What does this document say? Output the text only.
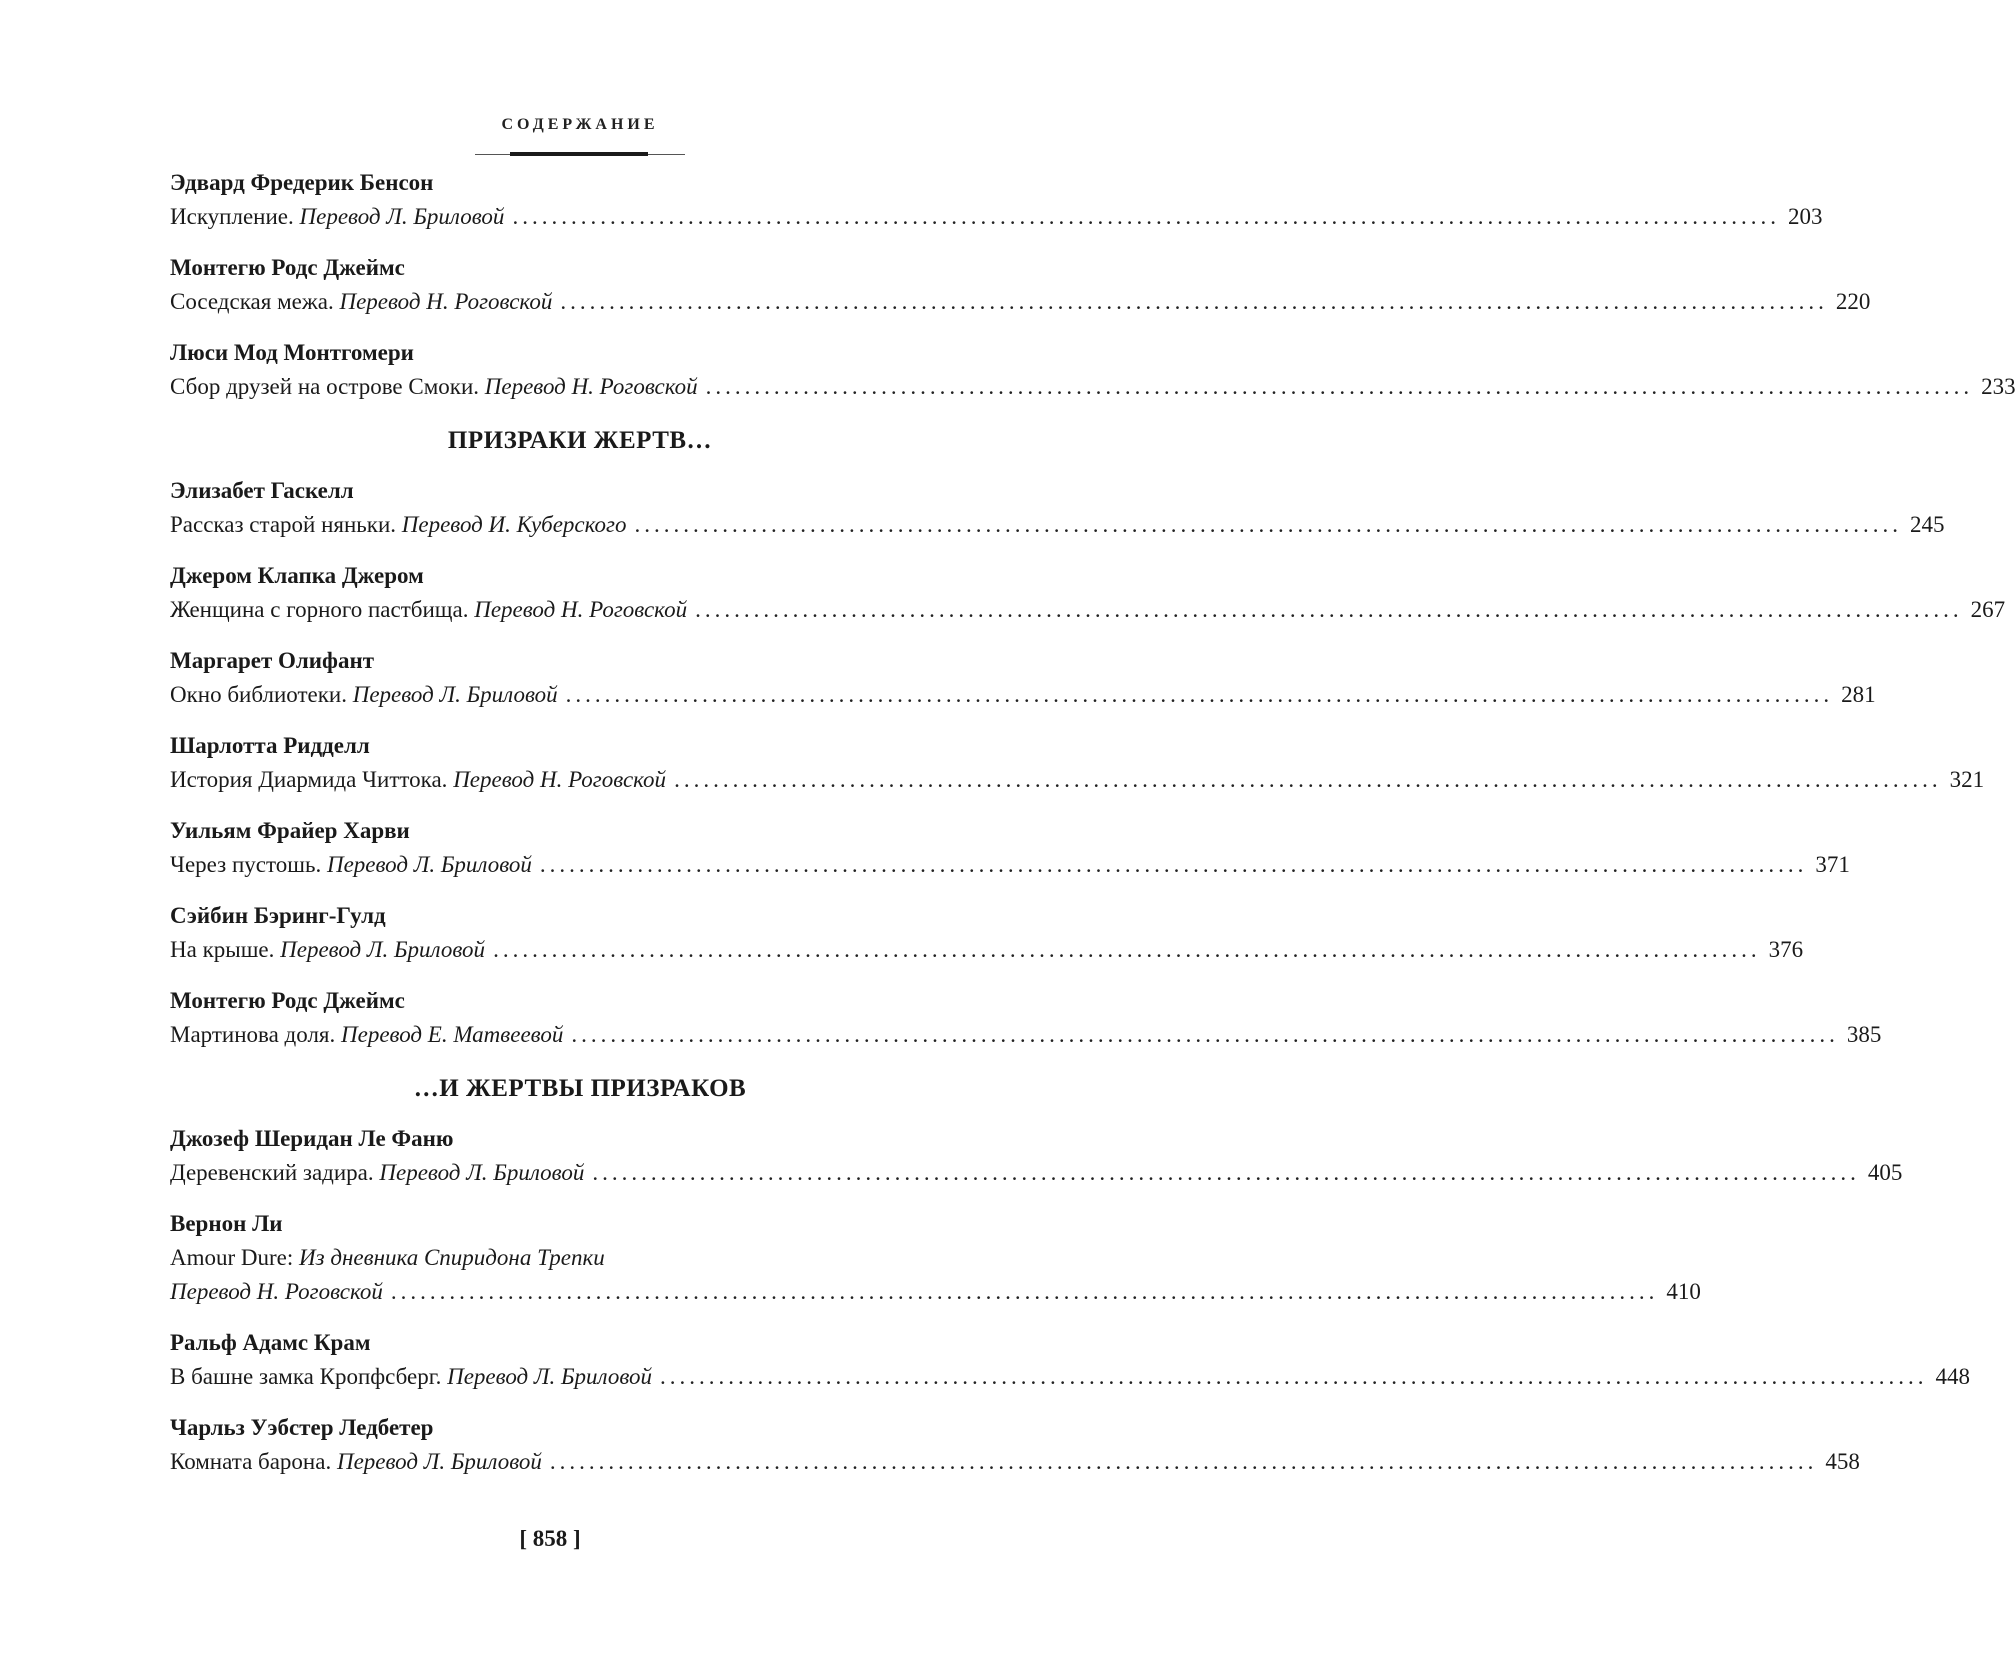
СОДЕРЖАНИЕ
Эдвард Фредерик Бенсон
Искупление. Перевод Л. Бриловой .................................................................................................................................. 203
Монтегю Родс Джеймс
Соседская межа. Перевод Н. Роговской .................................................................................................................................. 220
Люси Мод Монтгомери
Сбор друзей на острове Смоки. Перевод Н. Роговской .................................................................................................................................. 233
ПРИЗРАКИ ЖЕРТВ…
Элизабет Гаскелл
Рассказ старой няньки. Перевод И. Куберского .................................................................................................................................. 245
Джером Клапка Джером
Женщина с горного пастбища. Перевод Н. Роговской .................................................................................................................................. 267
Маргарет Олифант
Окно библиотеки. Перевод Л. Бриловой .................................................................................................................................. 281
Шарлотта Ридделл
История Диармида Читтока. Перевод Н. Роговской .................................................................................................................................. 321
Уильям Фрайер Харви
Через пустошь. Перевод Л. Бриловой .................................................................................................................................. 371
Сэйбин Бэринг-Гулд
На крыше. Перевод Л. Бриловой .................................................................................................................................. 376
Монтегю Родс Джеймс
Мартинова доля. Перевод Е. Матвеевой .................................................................................................................................. 385
…И ЖЕРТВЫ ПРИЗРАКОВ
Джозеф Шеридан Ле Фаню
Деревенский задира. Перевод Л. Бриловой .................................................................................................................................. 405
Вернон Ли
Amour Dure: Из дневника Спиридона Трепки
Перевод Н. Роговской .................................................................................................................................. 410
Ральф Адамс Крам
В башне замка Кропфсберг. Перевод Л. Бриловой .................................................................................................................................. 448
Чарльз Уэбстер Ледбетер
Комната барона. Перевод Л. Бриловой .................................................................................................................................. 458
[ 858 ]
